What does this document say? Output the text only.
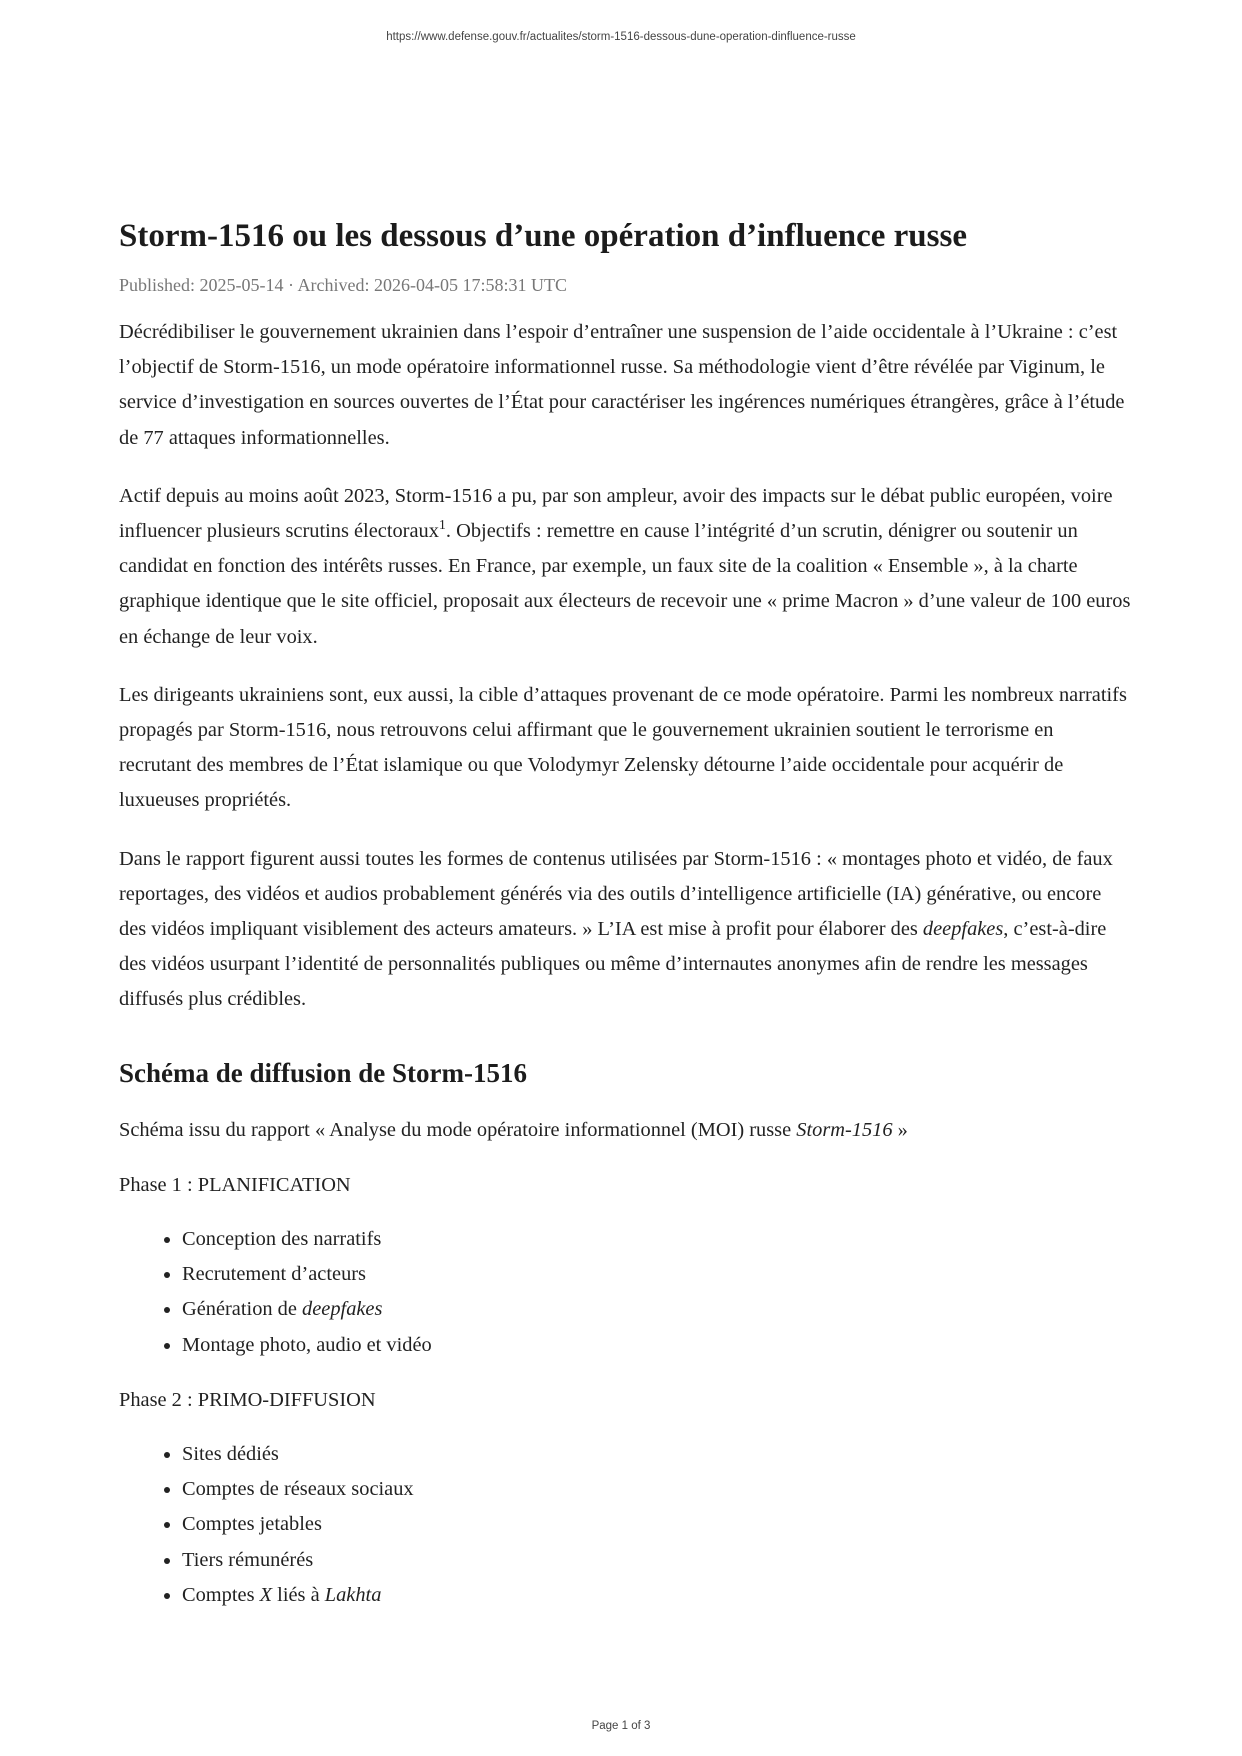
https://www.defense.gouv.fr/actualites/storm-1516-dessous-dune-operation-dinfluence-russe
Storm-1516 ou les dessous d’une opération d’influence russe
Published: 2025-05-14 · Archived: 2026-04-05 17:58:31 UTC

Décrédibiliser le gouvernement ukrainien dans l’espoir d’entraîner une suspension de l’aide occidentale à l’Ukraine : c’est l’objectif de Storm-1516, un mode opératoire informationnel russe. Sa méthodologie vient d’être révélée par Viginum, le service d’investigation en sources ouvertes de l’État pour caractériser les ingérences numériques étrangères, grâce à l’étude de 77 attaques informationnelles.

Actif depuis au moins août 2023, Storm-1516 a pu, par son ampleur, avoir des impacts sur le débat public européen, voire influencer plusieurs scrutins électoraux$^1$. Objectifs : remettre en cause l’intégrité d’un scrutin, dénigrer ou soutenir un candidat en fonction des intérêts russes. En France, par exemple, un faux site de la coalition « Ensemble », à la charte graphique identique que le site officiel, proposait aux électeurs de recevoir une « prime Macron » d’une valeur de 100 euros en échange de leur voix.

Les dirigeants ukrainiens sont, eux aussi, la cible d’attaques provenant de ce mode opératoire. Parmi les nombreux narratifs propagés par Storm-1516, nous retrouvons celui affirmant que le gouvernement ukrainien soutient le terrorisme en recrutant des membres de l’État islamique ou que Volodymyr Zelensky détourne l’aide occidentale pour acquérir de luxueuses propriétés.

Dans le rapport figurent aussi toutes les formes de contenus utilisées par Storm-1516 : « montages photo et vidéo, de faux reportages, des vidéos et audios probablement générés via des outils d’intelligence artificielle (IA) générative, ou encore des vidéos impliquant visiblement des acteurs amateurs. » L’IA est mise à profit pour élaborer des deepfakes, c’est-à-dire des vidéos usurpant l’identité de personnalités publiques ou même d’internautes anonymes afin de rendre les messages diffusés plus crédibles.

Schéma de diffusion de Storm-1516

Schéma issu du rapport « Analyse du mode opératoire informationnel (MOI) russe Storm-1516 »

Phase 1 : PLANIFICATION

• Conception des narratifs
• Recrutement d’acteurs
• Génération de deepfakes
• Montage photo, audio et vidéo

Phase 2 : PRIMO-DIFFUSION

• Sites dédiés
• Comptes de réseaux sociaux
• Comptes jetables
• Tiers rémunérés
• Comptes X liés à Lakhta
Page 1 of 3
